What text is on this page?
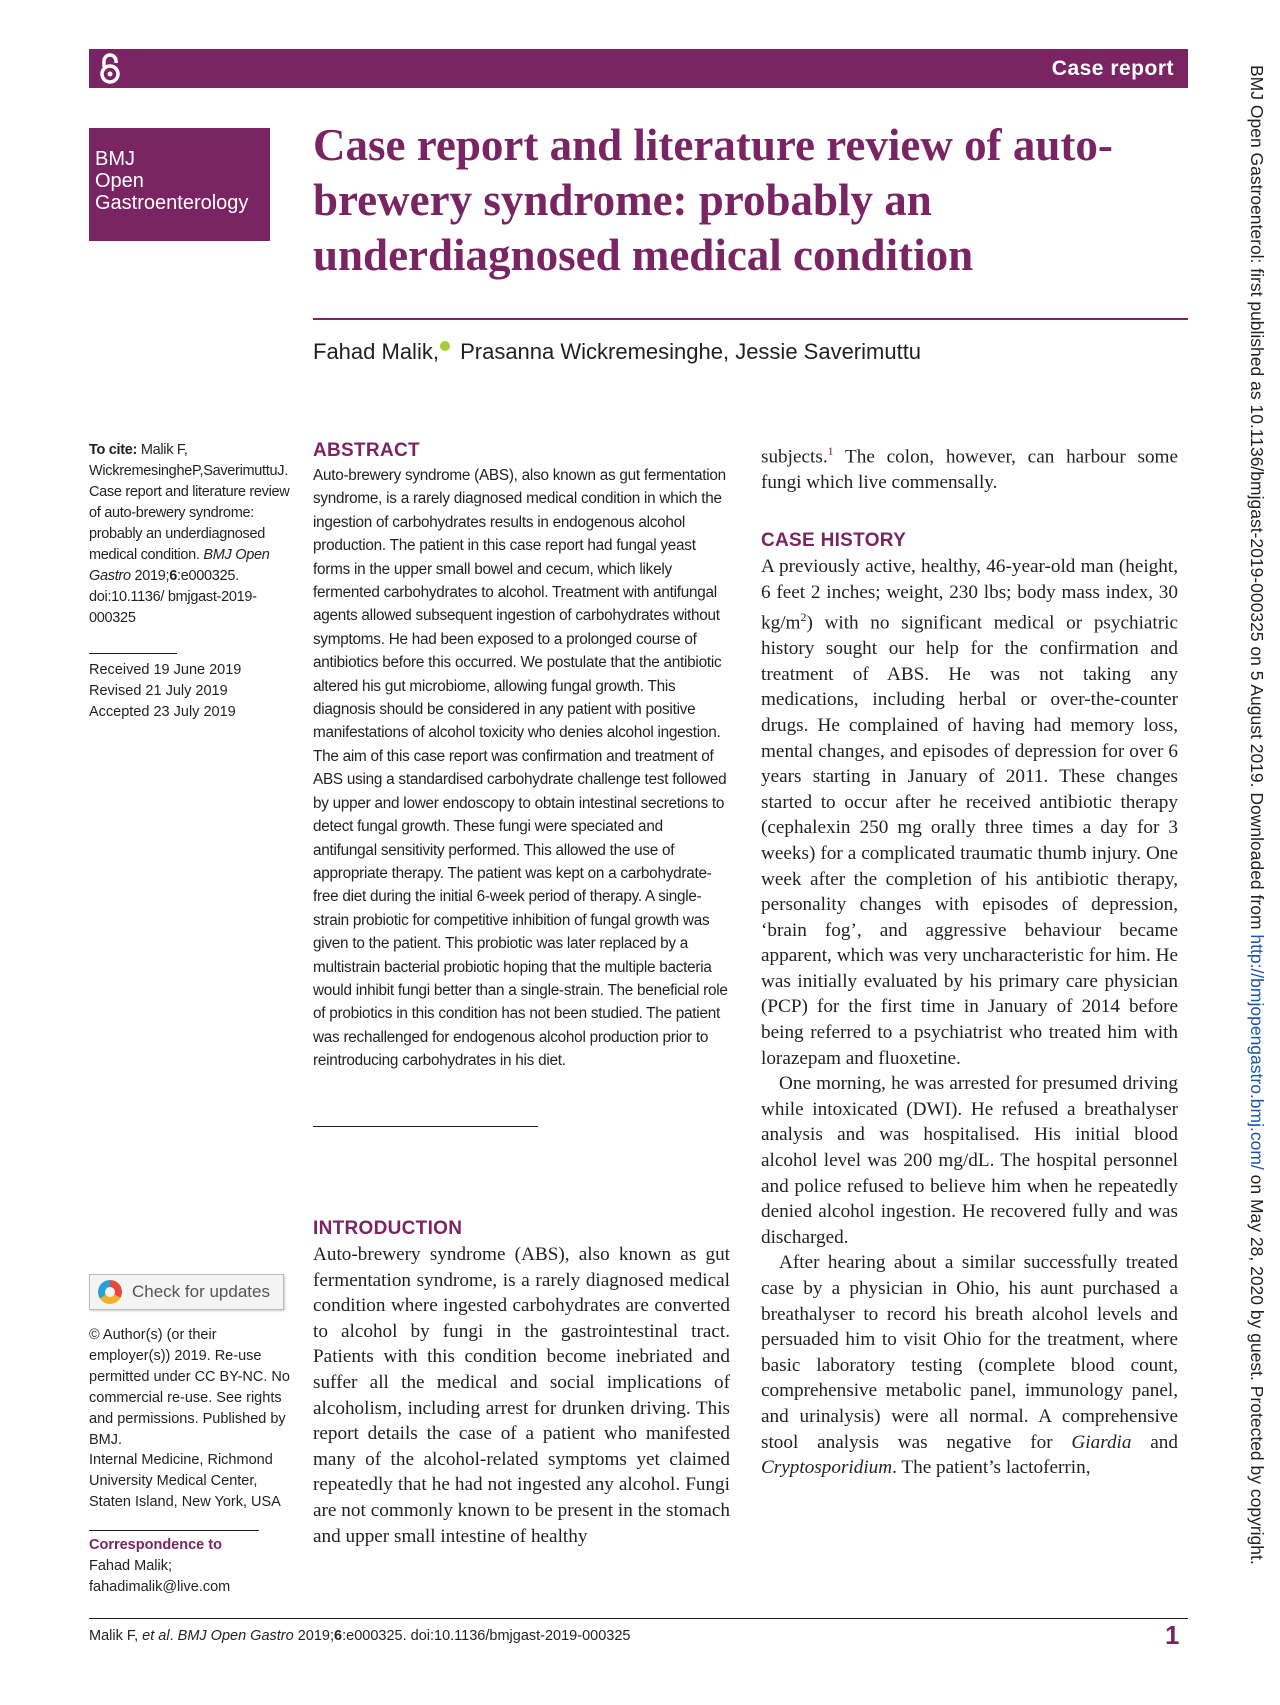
Case report
BMJ
Open
Gastroenterology
Case report and literature review of auto-brewery syndrome: probably an underdiagnosed medical condition
Fahad Malik, Prasanna Wickremesinghe, Jessie Saverimuttu
To cite: Malik F, WickremesingheP,SaverimuttuJ. Case report and literature review of auto-brewery syndrome: probably an underdiagnosed medical condition. BMJ Open Gastro 2019;6:e000325. doi:10.1136/ bmjgast-2019-000325
Received 19 June 2019
Revised 21 July 2019
Accepted 23 July 2019
Check for updates
© Author(s) (or their employer(s)) 2019. Re-use permitted under CC BY-NC. No commercial re-use. See rights and permissions. Published by BMJ.
Internal Medicine, Richmond University Medical Center, Staten Island, New York, USA
Correspondence to
Fahad Malik;
fahadimalik@live.com
ABSTRACT
Auto-brewery syndrome (ABS), also known as gut fermentation syndrome, is a rarely diagnosed medical condition in which the ingestion of carbohydrates results in endogenous alcohol production. The patient in this case report had fungal yeast forms in the upper small bowel and cecum, which likely fermented carbohydrates to alcohol. Treatment with antifungal agents allowed subsequent ingestion of carbohydrates without symptoms. He had been exposed to a prolonged course of antibiotics before this occurred. We postulate that the antibiotic altered his gut microbiome, allowing fungal growth. This diagnosis should be considered in any patient with positive manifestations of alcohol toxicity who denies alcohol ingestion. The aim of this case report was confirmation and treatment of ABS using a standardised carbohydrate challenge test followed by upper and lower endoscopy to obtain intestinal secretions to detect fungal growth. These fungi were speciated and antifungal sensitivity performed. This allowed the use of appropriate therapy. The patient was kept on a carbohydrate-free diet during the initial 6-week period of therapy. A single-strain probiotic for competitive inhibition of fungal growth was given to the patient. This probiotic was later replaced by a multistrain bacterial probiotic hoping that the multiple bacteria would inhibit fungi better than a single-strain. The beneficial role of probiotics in this condition has not been studied. The patient was rechallenged for endogenous alcohol production prior to reintroducing carbohydrates in his diet.
INTRODUCTION
Auto-brewery syndrome (ABS), also known as gut fermentation syndrome, is a rarely diagnosed medical condition where ingested carbohydrates are converted to alcohol by fungi in the gastrointestinal tract. Patients with this condition become inebriated and suffer all the medical and social implications of alcoholism, including arrest for drunken driving. This report details the case of a patient who manifested many of the alcohol-related symptoms yet claimed repeatedly that he had not ingested any alcohol. Fungi are not commonly known to be present in the stomach and upper small intestine of healthy
subjects.$^1$ The colon, however, can harbour some fungi which live commensally.
CASE HISTORY
A previously active, healthy, 46-year-old man (height, 6 feet 2 inches; weight, 230 lbs; body mass index, 30 $kg/m^2$) with no significant medical or psychiatric history sought our help for the confirmation and treatment of ABS. He was not taking any medications, including herbal or over-the-counter drugs. He complained of having had memory loss, mental changes, and episodes of depression for over 6 years starting in January of 2011. These changes started to occur after he received antibiotic therapy (cephalexin 250 mg orally three times a day for 3 weeks) for a complicated traumatic thumb injury. One week after the completion of his antibiotic therapy, personality changes with episodes of depression, ‘brain fog’, and aggressive behaviour became apparent, which was very uncharacteristic for him. He was initially evaluated by his primary care physician (PCP) for the first time in January of 2014 before being referred to a psychiatrist who treated him with lorazepam and fluoxetine.
One morning, he was arrested for presumed driving while intoxicated (DWI). He refused a breathalyser analysis and was hospitalised. His initial blood alcohol level was 200 mg/dL. The hospital personnel and police refused to believe him when he repeatedly denied alcohol ingestion. He recovered fully and was discharged.
After hearing about a similar successfully treated case by a physician in Ohio, his aunt purchased a breathalyser to record his breath alcohol levels and persuaded him to visit Ohio for the treatment, where basic laboratory testing (complete blood count, comprehensive metabolic panel, immunology panel, and urinalysis) were all normal. A comprehensive stool analysis was negative for Giardia and Cryptosporidium. The patient’s lactoferrin,
Malik F, et al. BMJ Open Gastro 2019;6:e000325. doi:10.1136/bmjgast-2019-000325	1
BMJ Open Gastroenterol: first published as 10.1136/bmjgast-2019-000325 on 5 August 2019. Downloaded from http://bmjopengastro.bmj.com/ on May 28, 2020 by guest. Protected by copyright.
